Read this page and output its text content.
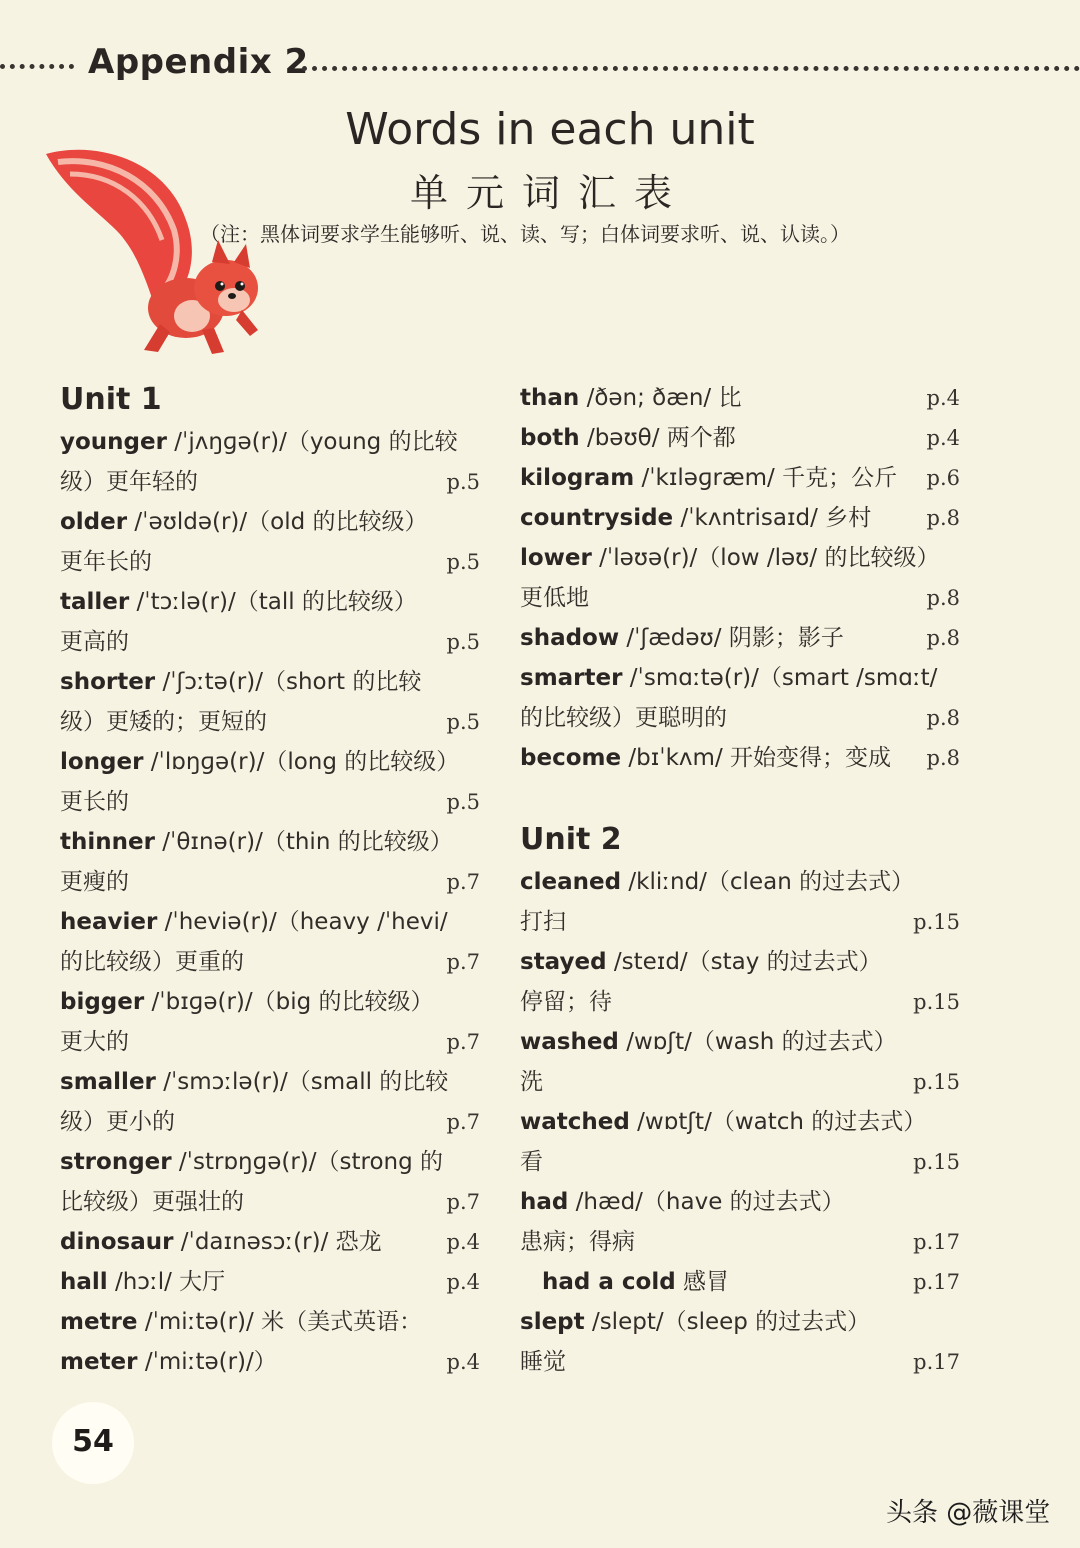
Appendix 2
Words in each unit
单元词汇表
（注：黑体词要求学生能够听、说、读、写；白体词要求听、说、认读。）
Unit 1
younger /ˈjʌŋɡə(r)/（young 的比较
级）更年轻的	p.5
older /ˈəʊldə(r)/（old 的比较级）
更年长的	p.5
taller /ˈtɔːlə(r)/（tall 的比较级）
更高的	p.5
shorter /ˈʃɔːtə(r)/（short 的比较
级）更矮的；更短的	p.5
longer /ˈlɒŋɡə(r)/（long 的比较级）
更长的	p.5
thinner /ˈθɪnə(r)/（thin 的比较级）
更瘦的	p.7
heavier /ˈheviə(r)/（heavy /ˈhevi/
的比较级）更重的	p.7
bigger /ˈbɪɡə(r)/（big 的比较级）
更大的	p.7
smaller /ˈsmɔːlə(r)/（small 的比较
级）更小的	p.7
stronger /ˈstrɒŋɡə(r)/（strong 的
比较级）更强壮的	p.7
dinosaur /ˈdaɪnəsɔː(r)/ 恐龙	p.4
hall /hɔːl/ 大厅	p.4
metre /ˈmiːtə(r)/ 米（美式英语：
meter /ˈmiːtə(r)/）	p.4
than /ðən; ðæn/ 比	p.4
both /bəʊθ/ 两个都	p.4
kilogram /ˈkɪləɡræm/ 千克；公斤 p.6
countryside /ˈkʌntrisaɪd/ 乡村	p.8
lower /ˈləʊə(r)/（low /ləʊ/ 的比较级）
更低地	p.8
shadow /ˈʃædəʊ/ 阴影；影子	p.8
smarter /ˈsmɑːtə(r)/（smart /smɑːt/
的比较级）更聪明的	p.8
become /bɪˈkʌm/ 开始变得；变成 p.8
Unit 2
cleaned /kliːnd/（clean 的过去式）
打扫	p.15
stayed /steɪd/（stay 的过去式）
停留；待	p.15
washed /wɒʃt/（wash 的过去式）
洗	p.15
watched /wɒtʃt/（watch 的过去式）
看	p.15
had /hæd/（have 的过去式）
患病；得病	p.17
had a cold 感冒	p.17
slept /slept/（sleep 的过去式）
睡觉	p.17
54
头条 @薇课堂
